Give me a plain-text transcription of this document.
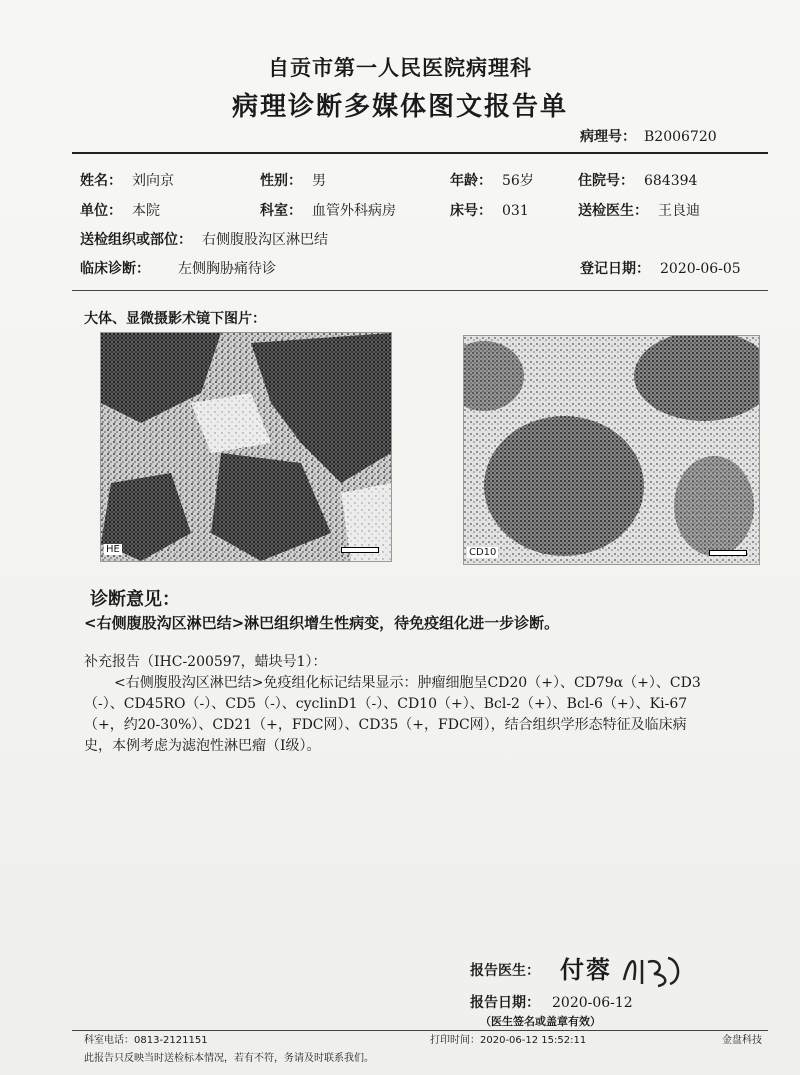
自贡市第一人民医院病理科
病理诊断多媒体图文报告单
病理号： B2006720
姓名： 刘向京	性别： 男	年龄： 56岁	住院号： 684394
单位： 本院	科室： 血管外科病房	床号： 031	送检医生： 王良迪
送检组织或部位： 右侧腹股沟区淋巴结
临床诊断： 左侧胸胁痛待诊	登记日期： 2020-06-05
大体、显微摄影术镜下图片：
HE	CD10
诊断意见：
<右侧腹股沟区淋巴结>淋巴组织增生性病变，待免疫组化进一步诊断。

补充报告（IHC-200597，蜡块号1）：

<右侧腹股沟区淋巴结>免疫组化标记结果显示：肿瘤细胞呈CD20（+）、CD79α（+）、CD3（-）、CD45RO（-）、CD5（-）、cyclinD1（-）、CD10（+）、Bcl-2（+）、Bcl-6（+）、Ki-67（+，约20-30%）、CD21（+，FDC网）、CD35（+，FDC网），结合组织学形态特征及临床病史，本例考虑为滤泡性淋巴瘤（Ⅰ级）。

报告医生： 付蓉
报告日期： 2020-06-12
（医生签名或盖章有效）
科室电话：0813-2121151	打印时间：2020-06-12 15:52:11	金盘科技
此报告只反映当时送检标本情况，若有不符，务请及时联系我们。
